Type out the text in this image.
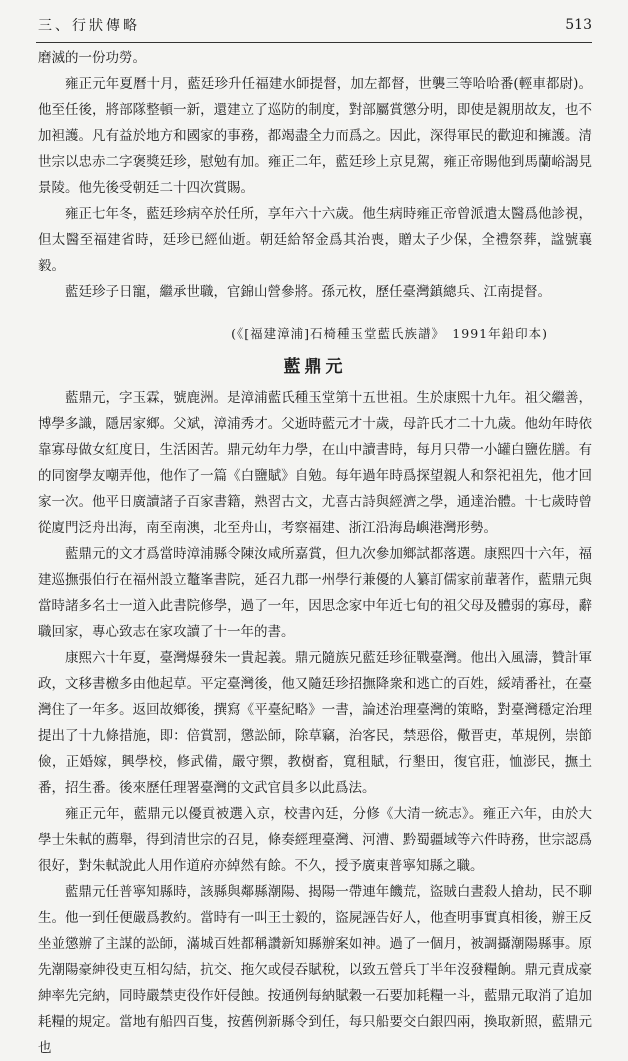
三、行狀傳略	513

磨滅的一份功勞。

雍正元年夏曆十月，藍廷珍升任福建水師提督，加左都督，世襲三等哈哈番(輕車都尉)。他至任後，將部隊整頓一新，還建立了巡防的制度，對部屬賞懲分明，即使是親朋故友，也不加袒護。凡有益於地方和國家的事務，都竭盡全力而爲之。因此，深得軍民的歡迎和擁護。清世宗以忠赤二字褒獎廷珍，慰勉有加。雍正二年，藍廷珍上京見駕，雍正帝賜他到馬蘭峪謁見景陵。他先後受朝廷二十四次賞賜。

雍正七年冬，藍廷珍病卒於任所，享年六十六歲。他生病時雍正帝曾派遣太醫爲他診視，但太醫至福建省時，廷珍已經仙逝。朝廷給帑金爲其治喪，贈太子少保，全禮祭葬，諡號襄毅。

藍廷珍子日寵，繼承世職，官錦山營參將。孫元枚，歷任臺灣鎮總兵、江南提督。

(《[福建漳浦]石椅種玉堂藍氏族譜》　1991年鉛印本)

藍鼎元

藍鼎元，字玉霖，號鹿洲。是漳浦藍氏種玉堂第十五世祖。生於康熙十九年。祖父繼善，博學多識，隱居家鄉。父斌，漳浦秀才。父逝時藍元才十歲，母許氏才二十九歲。他幼年時依靠寡母做女紅度日，生活困苦。鼎元幼年力學，在山中讀書時，每月只帶一小罐白鹽佐膳。有的同窗學友嘲弄他，他作了一篇《白鹽賦》自勉。每年過年時爲探望親人和祭祀祖先，他才回家一次。他平日廣讀諸子百家書籍，熟習古文，尤喜古詩與經濟之學，通達治體。十七歲時曾從廈門泛舟出海，南至南澳，北至舟山，考察福建、浙江沿海島嶼港灣形勢。

藍鼎元的文才爲當時漳浦縣令陳汝咸所嘉賞，但九次參加鄉試都落選。康熙四十六年，福建巡撫張伯行在福州設立鼇峯書院，延召九郡一州學行兼優的人纂訂儒家前輩著作，藍鼎元與當時諸多名士一道入此書院修學，過了一年，因思念家中年近七旬的祖父母及體弱的寡母，辭職回家，專心致志在家攻讀了十一年的書。

康熙六十年夏，臺灣爆發朱一貴起義。鼎元隨族兄藍廷珍征戰臺灣。他出入風濤，贊計軍政，文移書檄多由他起草。平定臺灣後，他又隨廷珍招撫降衆和逃亡的百姓，綏靖番社，在臺灣住了一年多。返回故鄉後，撰寫《平臺紀略》一書，論述治理臺灣的策略，對臺灣穩定治理提出了十九條措施，即：倍賞罰，懲訟師，除草竊，治客民，禁惡俗，儆晋吏，革規例，崇節儉，正婚嫁，興學校，修武備，嚴守禦，教樹畜，寬租賦，行墾田，復官莊，恤澎民，撫土番，招生番。後來歷任理署臺灣的文武官員多以此爲法。

雍正元年，藍鼎元以優貢被選入京，校書內廷，分修《大清一統志》。雍正六年，由於大學士朱軾的薦舉，得到清世宗的召見，條奏經理臺灣、河漕、黔蜀疆域等六件時務，世宗認爲很好，對朱軾說此人用作道府亦綽然有餘。不久，授予廣東普寧知縣之職。

藍鼎元任普寧知縣時，該縣與鄰縣潮陽、揭陽一帶連年饑荒，盜賊白晝殺人搶劫，民不聊生。他一到任便嚴爲教約。當時有一叫王士毅的，盜屍誣告好人，他查明事實真相後，辦王反坐並懲辦了主謀的訟師，滿城百姓都稱讚新知縣辦案如神。過了一個月，被調攝潮陽縣事。原先潮陽豪紳役吏互相勾結，抗交、拖欠或侵吞賦稅，以致五營兵丁半年沒發糧餉。鼎元責成豪紳率先完納，同時嚴禁吏役作奸侵蝕。按通例每納賦穀一石要加耗糧一斗，藍鼎元取消了追加耗糧的規定。當地有船四百隻，按舊例新縣令到任，每只船要交白銀四兩，換取新照，藍鼎元也
